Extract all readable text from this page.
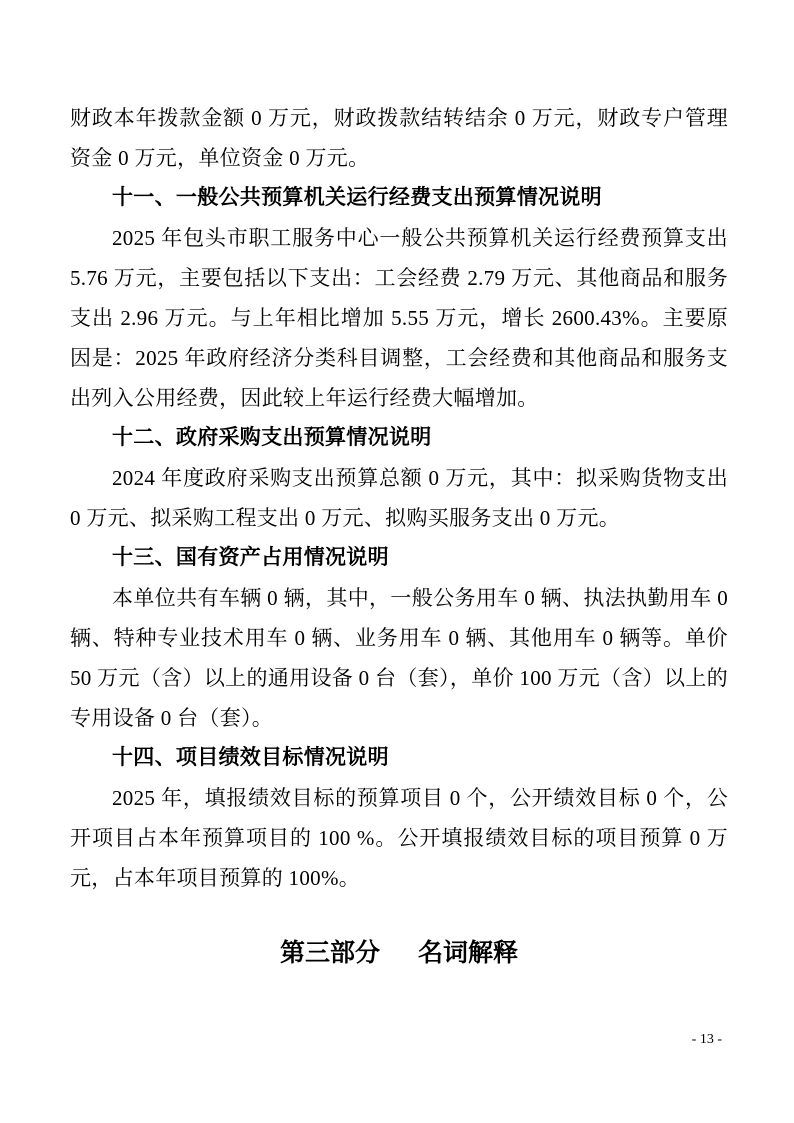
财政本年拨款金额 0 万元，财政拨款结转结余 0 万元，财政专户管理资金 0 万元，单位资金 0 万元。

十一、一般公共预算机关运行经费支出预算情况说明

2025 年包头市职工服务中心一般公共预算机关运行经费预算支出 5.76 万元，主要包括以下支出：工会经费 2.79 万元、其他商品和服务支出 2.96 万元。与上年相比增加 5.55 万元，增长 2600.43%。主要原因是：2025 年政府经济分类科目调整，工会经费和其他商品和服务支出列入公用经费，因此较上年运行经费大幅增加。

十二、政府采购支出预算情况说明

2024 年度政府采购支出预算总额 0 万元，其中：拟采购货物支出 0 万元、拟采购工程支出 0 万元、拟购买服务支出 0 万元。

十三、国有资产占用情况说明

本单位共有车辆 0 辆，其中，一般公务用车 0 辆、执法执勤用车 0 辆、特种专业技术用车 0 辆、业务用车 0 辆、其他用车 0 辆等。单价 50 万元（含）以上的通用设备 0 台（套），单价 100 万元（含）以上的专用设备 0 台（套）。

十四、项目绩效目标情况说明

2025 年，填报绩效目标的预算项目 0 个，公开绩效目标 0 个，公开项目占本年预算项目的 100 %。公开填报绩效目标的项目预算 0 万元，占本年项目预算的 100%。

第三部分 名词解释
- 13 -
